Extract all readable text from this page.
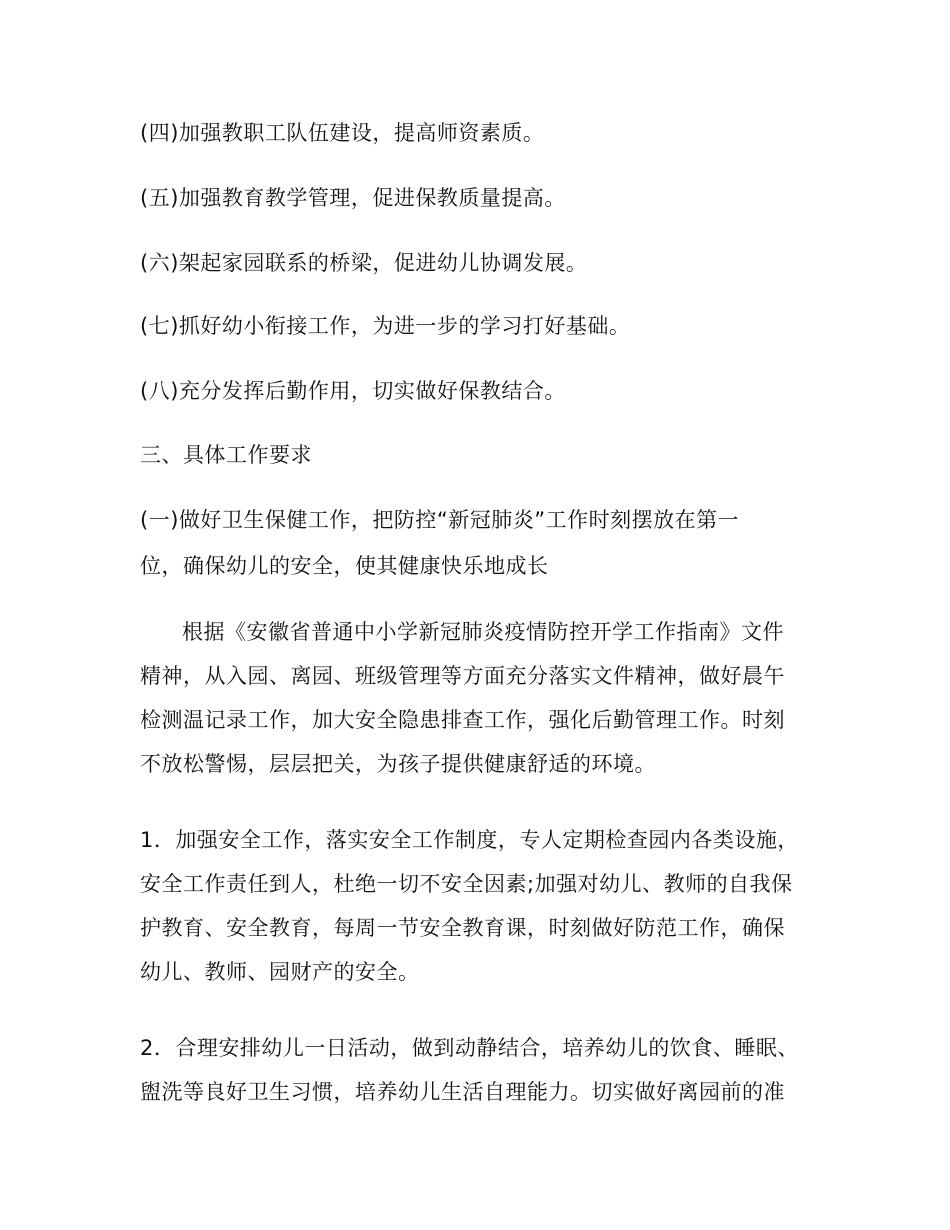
(四)加强教职工队伍建设，提高师资素质。
(五)加强教育教学管理，促进保教质量提高。
(六)架起家园联系的桥梁，促进幼儿协调发展。
(七)抓好幼小衔接工作，为进一步的学习打好基础。
(八)充分发挥后勤作用，切实做好保教结合。
三、具体工作要求
(一)做好卫生保健工作，把防控“新冠肺炎”工作时刻摆放在第一
位，确保幼儿的安全，使其健康快乐地成长
根据《安徽省普通中小学新冠肺炎疫情防控开学工作指南》文件
精神，从入园、离园、班级管理等方面充分落实文件精神，做好晨午
检测温记录工作，加大安全隐患排查工作，强化后勤管理工作。时刻
不放松警惕，层层把关，为孩子提供健康舒适的环境。
1．加强安全工作，落实安全工作制度，专人定期检查园内各类设施，
安全工作责任到人，杜绝一切不安全因素;加强对幼儿、教师的自我保
护教育、安全教育，每周一节安全教育课，时刻做好防范工作，确保
幼儿、教师、园财产的安全。
2．合理安排幼儿一日活动，做到动静结合，培养幼儿的饮食、睡眠、
盥洗等良好卫生习惯，培养幼儿生活自理能力。切实做好离园前的准
